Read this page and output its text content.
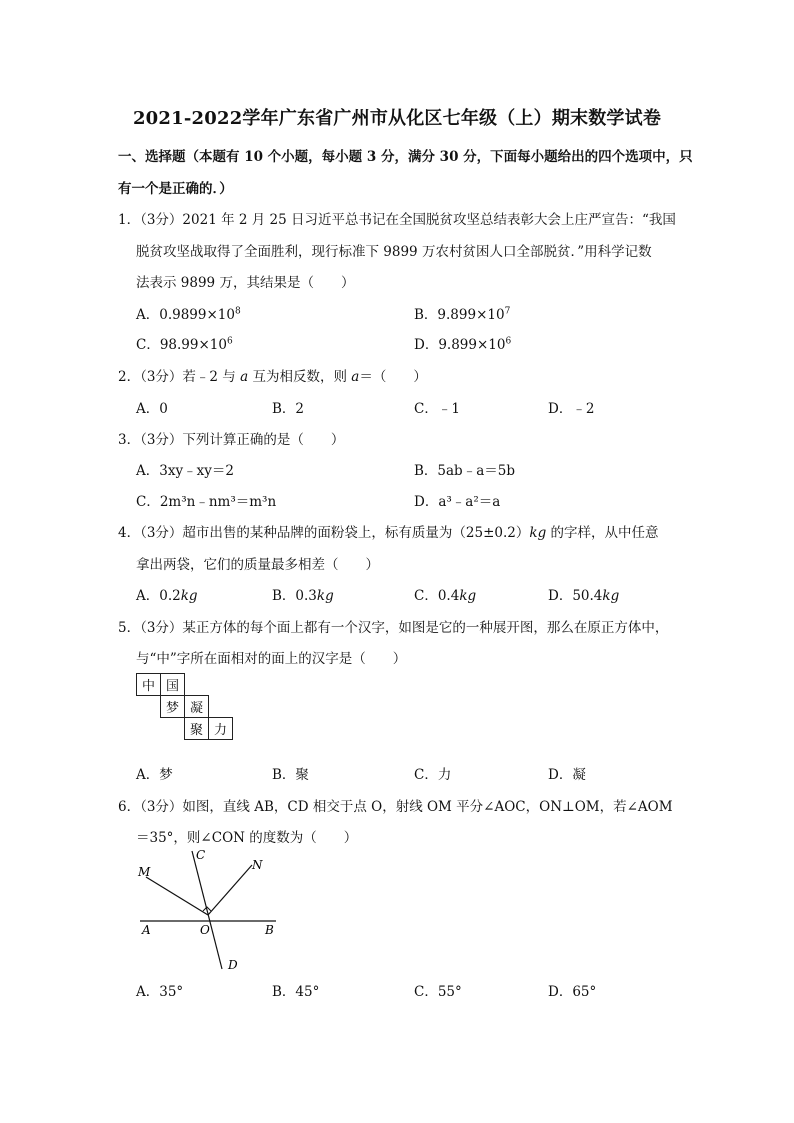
2021-2022学年广东省广州市从化区七年级（上）期末数学试卷
一、选择题（本题有 10 个小题，每小题 3 分，满分 30 分，下面每小题给出的四个选项中，只
有一个是正确的．）
1．（3分）2021 年 2 月 25 日习近平总书记在全国脱贫攻坚总结表彰大会上庄严宣告：“我国
脱贫攻坚战取得了全面胜利，现行标准下 9899 万农村贫困人口全部脱贫．”用科学记数
法表示 9899 万，其结果是（　　）
A．$0.9899\times 10^8$	B．$9.899\times 10^7$
C．$98.99\times 10^6$	D．$9.899\times 10^6$
2．（3分）若﹣2 与 a 互为相反数，则 a＝（　　）
A．0	B．2	C．﹣1	D．﹣2
3．（3分）下列计算正确的是（　　）
A．3xy﹣xy＝2	B．5ab﹣a＝5b
C．2m³n﹣nm³＝m³n	D．a³﹣a²＝a
4．（3分）超市出售的某种品牌的面粉袋上，标有质量为（25±0.2）kg 的字样，从中任意
拿出两袋，它们的质量最多相差（　　）
A．0.2kg	B．0.3kg	C．0.4kg	D．50.4kg
5．（3分）某正方体的每个面上都有一个汉字，如图是它的一种展开图，那么在原正方体中，
与“中”字所在面相对的面上的汉字是（　　）
中	国		
	梦	凝	
		聚	力
A．梦	B．聚	C．力	D．凝
6．（3分）如图，直线 AB，CD 相交于点 O，射线 OM 平分∠AOC，ON⊥OM，若∠AOM
＝35°，则∠CON 的度数为（　　）
M
C
N
A	O	B
D
A．35°	B．45°	C．55°	D．65°
